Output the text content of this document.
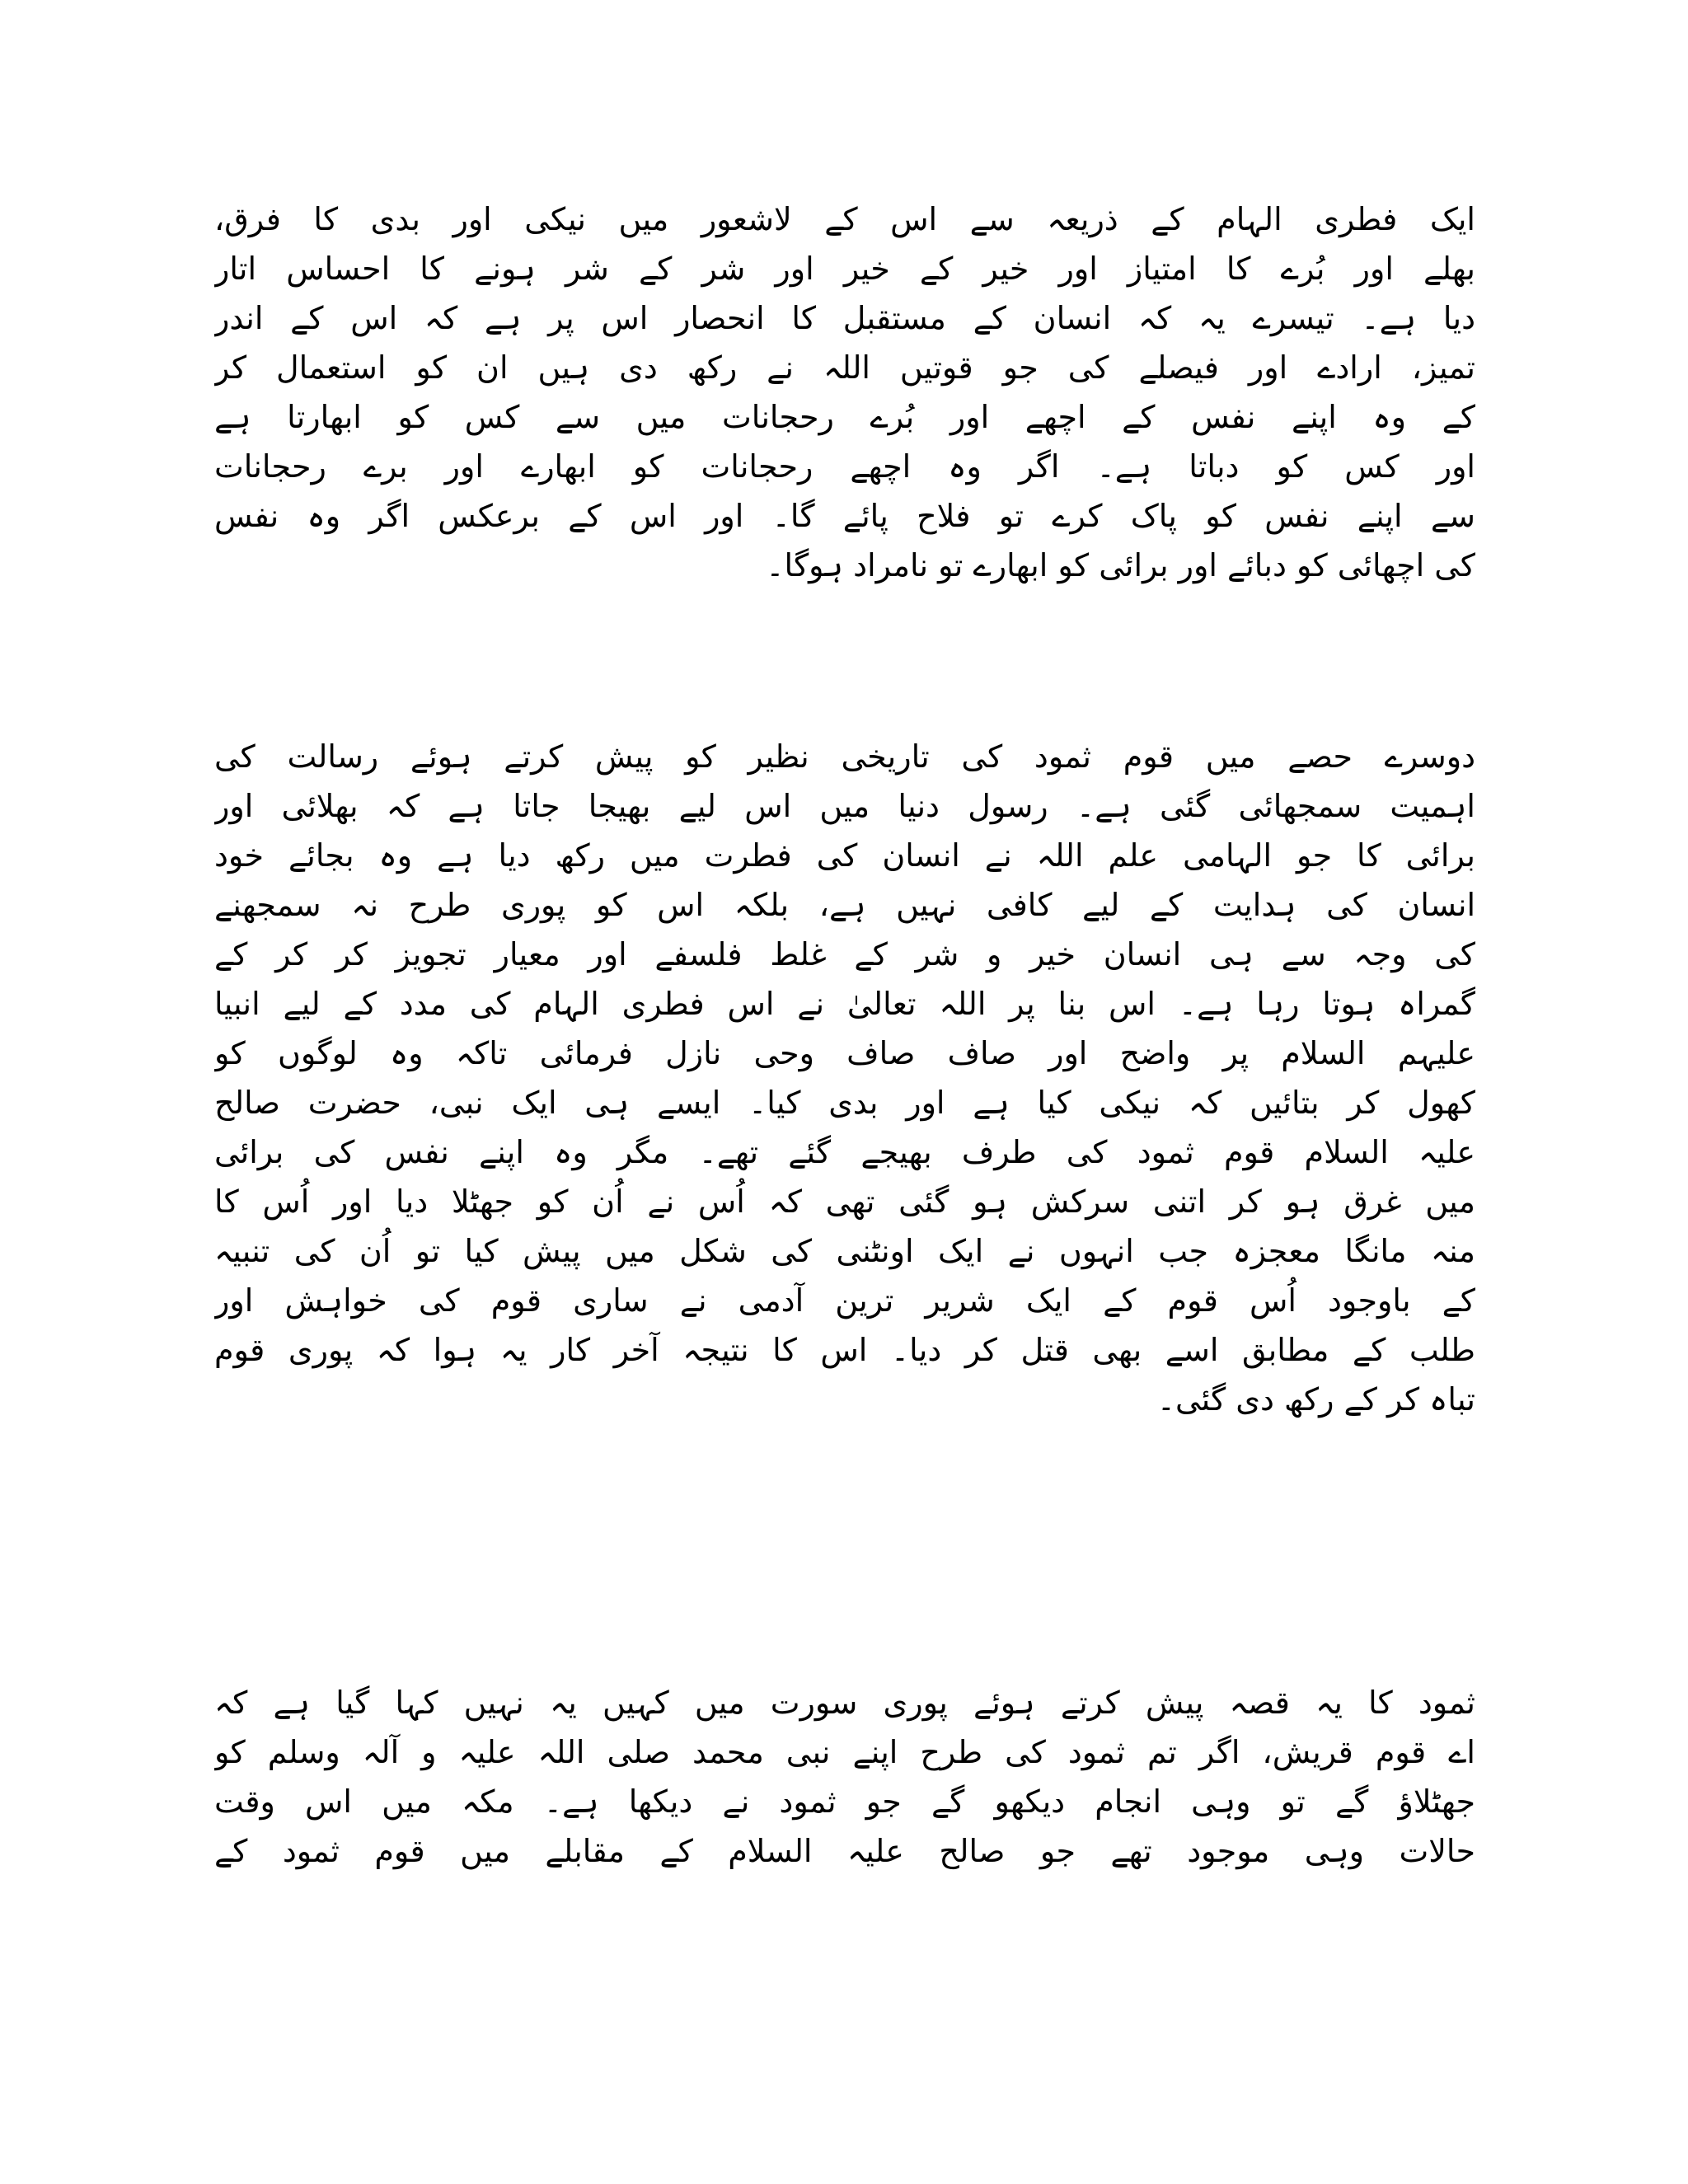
ایک فطری الہام کے ذریعہ سے اس کے لاشعور میں نیکی اور بدی کا فرق،
بھلے اور بُرے کا امتیاز اور خیر کے خیر اور شر کے شر ہونے کا احساس اتار
دیا ہے۔ تیسرے یہ کہ انسان کے مستقبل کا انحصار اس پر ہے کہ اس کے اندر
تمیز، ارادے اور فیصلے کی جو قوتیں اللہ نے رکھ دی ہیں ان کو استعمال کر
کے وہ اپنے نفس کے اچھے اور بُرے رحجانات میں سے کس کو ابھارتا ہے
اور کس کو دباتا ہے۔ اگر وہ اچھے رحجانات کو ابھارے اور برے رحجانات
سے اپنے نفس کو پاک کرے تو فلاح پائے گا۔ اور اس کے برعکس اگر وہ نفس
کی اچھائی کو دبائے اور برائی کو ابھارے تو نامراد ہوگا۔
دوسرے حصے میں قوم ثمود کی تاریخی نظیر کو پیش کرتے ہوئے رسالت کی
اہمیت سمجھائی گئی ہے۔ رسول دنیا میں اس لیے بھیجا جاتا ہے کہ بھلائی اور
برائی کا جو الہامی علم اللہ نے انسان کی فطرت میں رکھ دیا ہے وہ بجائے خود
انسان کی ہدایت کے لیے کافی نہیں ہے، بلکہ اس کو پوری طرح نہ سمجھنے
کی وجہ سے ہی انسان خیر و شر کے غلط فلسفے اور معیار تجویز کر کر کے
گمراہ ہوتا رہا ہے۔ اس بنا پر اللہ تعالیٰ نے اس فطری الہام کی مدد کے لیے انبیا
علیہم السلام پر واضح اور صاف صاف وحی نازل فرمائی تاکہ وہ لوگوں کو
کھول کر بتائیں کہ نیکی کیا ہے اور بدی کیا۔ ایسے ہی ایک نبی، حضرت صالح
علیہ السلام قوم ثمود کی طرف بھیجے گئے تھے۔ مگر وہ اپنے نفس کی برائی
میں غرق ہو کر اتنی سرکش ہو گئی تھی کہ اُس نے اُن کو جھٹلا دیا اور اُس کا
منہ مانگا معجزہ جب انہوں نے ایک اونٹنی کی شکل میں پیش کیا تو اُن کی تنبیہ
کے باوجود اُس قوم کے ایک شریر ترین آدمی نے ساری قوم کی خواہش اور
طلب کے مطابق اسے بھی قتل کر دیا۔ اس کا نتیجہ آخر کار یہ ہوا کہ پوری قوم
تباہ کر کے رکھ دی گئی۔
ثمود کا یہ قصہ پیش کرتے ہوئے پوری سورت میں کہیں یہ نہیں کہا گیا ہے کہ
اے قوم قریش، اگر تم ثمود کی طرح اپنے نبی محمد صلی اللہ علیہ و آلہ وسلم کو
جھٹلاؤ گے تو وہی انجام دیکھو گے جو ثمود نے دیکھا ہے۔ مکہ میں اس وقت
حالات وہی موجود تھے جو صالح علیہ السلام کے مقابلے میں قوم ثمود کے
